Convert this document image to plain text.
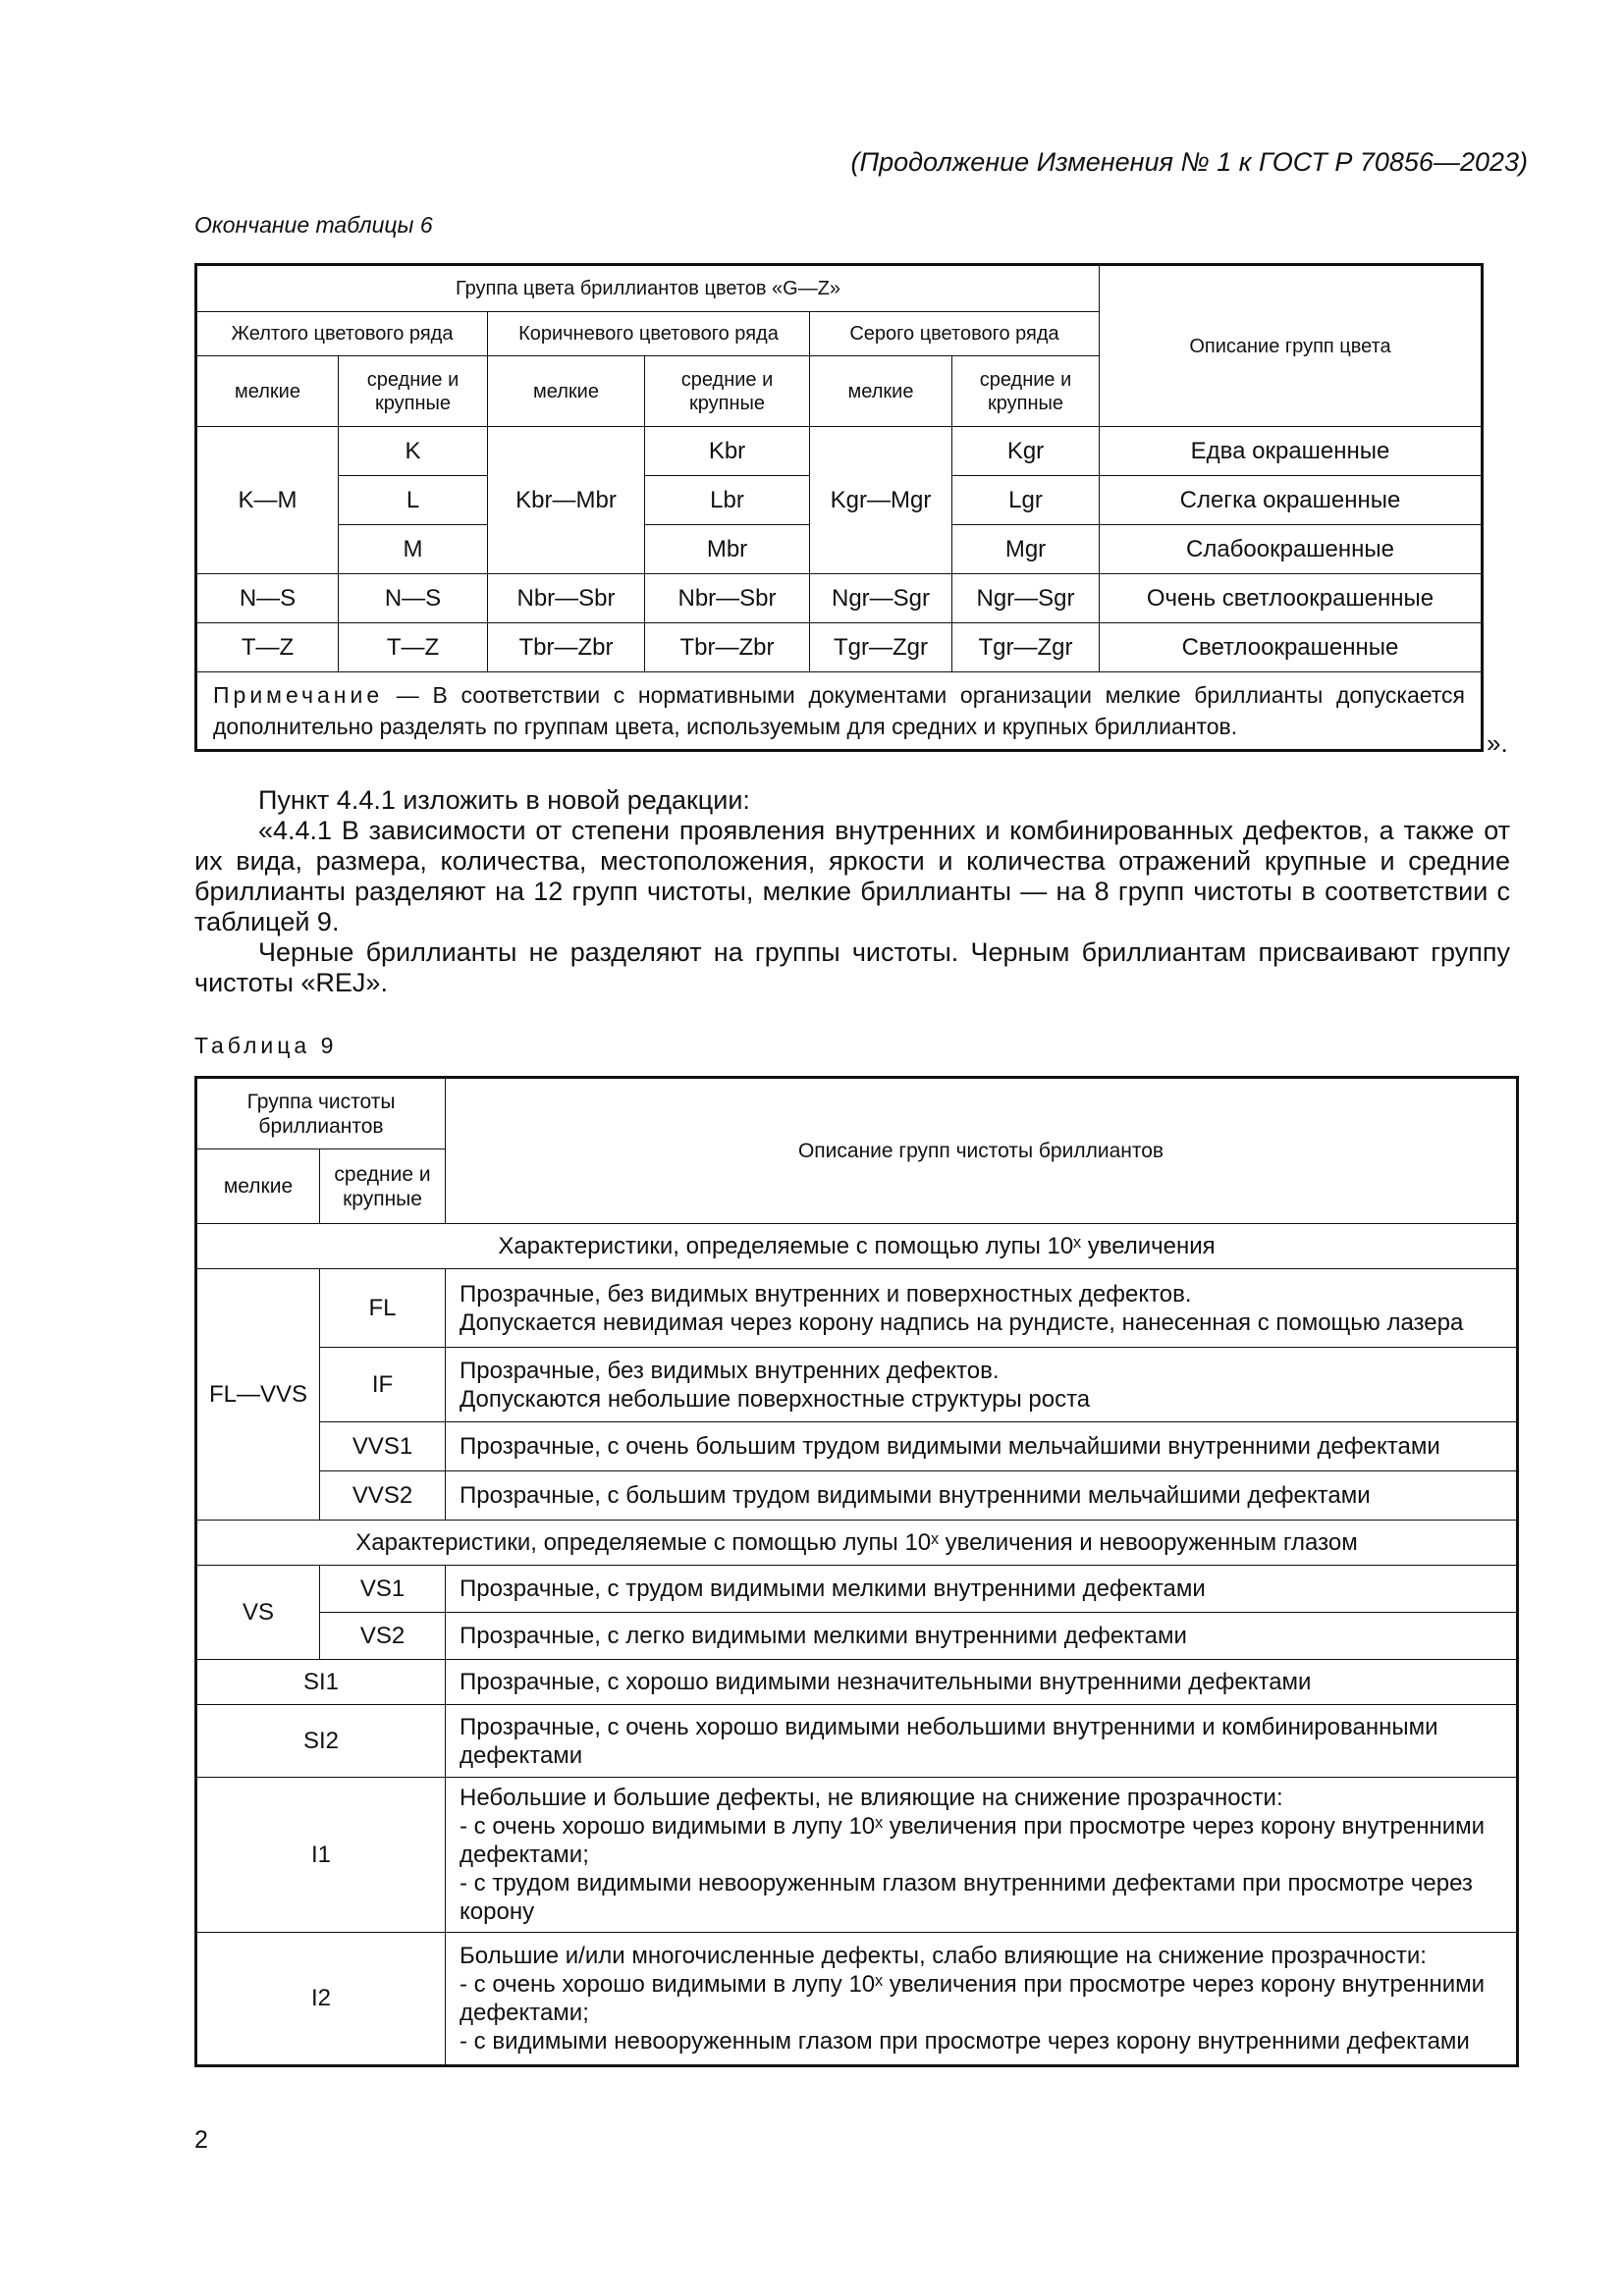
(Продолжение Изменения № 1 к ГОСТ Р 70856—2023)
Окончание таблицы 6
Группа цвета бриллиантов цветов «G—Z»						Описание групп цвета
Желтого цветового ряда		Коричневого цветового ряда		Серого цветового ряда		
мелкие	средние и крупные	мелкие	средние и крупные	мелкие	средние и крупные	
K—M	K	Kbr—Mbr	Kbr	Kgr—Mgr	Kgr	Едва окрашенные
	L		Lbr		Lgr	Слегка окрашенные
	M		Mbr		Mgr	Слабоокрашенные
N—S	N—S	Nbr—Sbr	Nbr—Sbr	Ngr—Sgr	Ngr—Sgr	Очень светлоокрашенные
T—Z	T—Z	Tbr—Zbr	Tbr—Zbr	Tgr—Zgr	Tgr—Zgr	Светлоокрашенные
Примечание — В соответствии с нормативными документами организации мелкие бриллианты допускается дополнительно разделять по группам цвета, используемым для средних и крупных бриллиантов.						
».
Пункт 4.4.1 изложить в новой редакции:
«4.4.1 В зависимости от степени проявления внутренних и комбинированных дефектов, а также от их вида, размера, количества, местоположения, яркости и количества отражений крупные и средние бриллианты разделяют на 12 групп чистоты, мелкие бриллианты — на 8 групп чистоты в соответствии с таблицей 9.
Черные бриллианты не разделяют на группы чистоты. Черным бриллиантам присваивают группу чистоты «REJ».
Таблица 9
Группа чистоты бриллиантов		Описание групп чистоты бриллиантов
мелкие	средние и крупные	
Характеристики, определяемые с помощью лупы 10ˣ увеличения		
FL—VVS	FL	Прозрачные, без видимых внутренних и поверхностных дефектов.
Допускается невидимая через корону надпись на рундисте, нанесенная с помощью лазера

	IF	Прозрачные, без видимых внутренних дефектов.
Допускаются небольшие поверхностные структуры роста

	VVS1	Прозрачные, с очень большим трудом видимыми мельчайшими внутренними дефектами
	VVS2	Прозрачные, с большим трудом видимыми внутренними мельчайшими дефектами
Характеристики, определяемые с помощью лупы 10ˣ увеличения и невооруженным глазом		
VS	VS1	Прозрачные, с трудом видимыми мелкими внутренними дефектами
	VS2	Прозрачные, с легко видимыми мелкими внутренними дефектами
SI1		Прозрачные, с хорошо видимыми незначительными внутренними дефектами
SI2		Прозрачные, с очень хорошо видимыми небольшими внутренними и комбинированными дефектами
I1		Небольшие и большие дефекты, не влияющие на снижение прозрачности:
- с очень хорошо видимыми в лупу 10ˣ увеличения при просмотре через корону внутренними дефектами;
- с трудом видимыми невооруженным глазом внутренними дефектами при просмотре через корону

I2		Большие и/или многочисленные дефекты, слабо влияющие на снижение прозрачности:
- с очень хорошо видимыми в лупу 10ˣ увеличения при просмотре через корону внутренними дефектами;
- с видимыми невооруженным глазом при просмотре через корону внутренними дефектами
2
